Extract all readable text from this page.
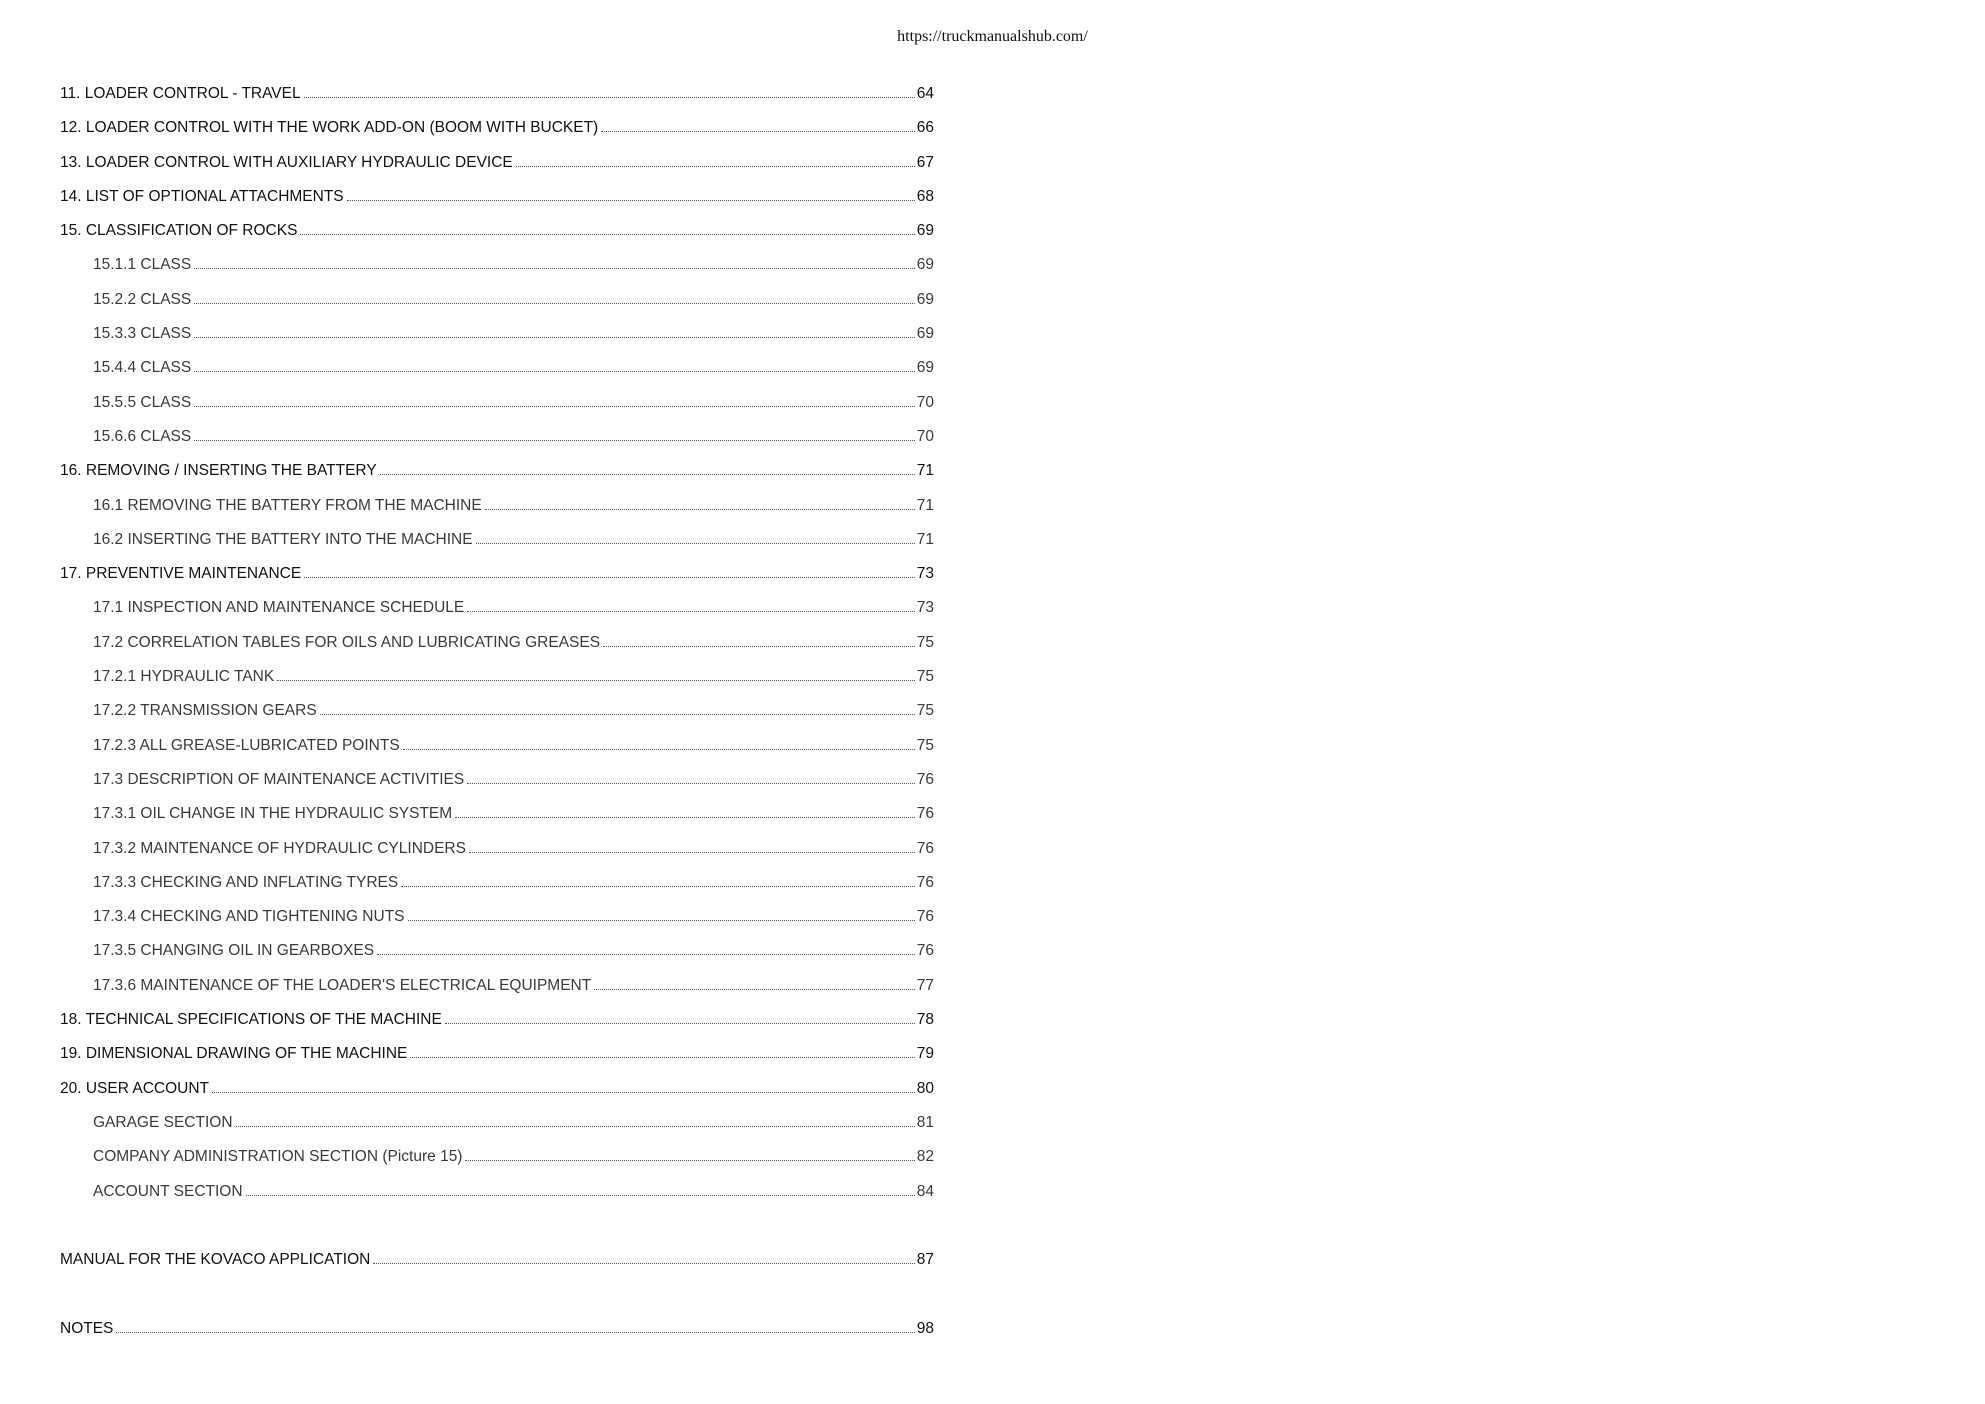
https://truckmanualshub.com/
11. LOADER CONTROL - TRAVEL	64
12. LOADER CONTROL WITH THE WORK ADD-ON (BOOM WITH BUCKET)	66
13. LOADER CONTROL WITH AUXILIARY HYDRAULIC DEVICE	67
14. LIST OF OPTIONAL ATTACHMENTS	68
15. CLASSIFICATION OF ROCKS	69
15.1.1 CLASS	69
15.2.2 CLASS	69
15.3.3 CLASS	69
15.4.4 CLASS	69
15.5.5 CLASS	70
15.6.6 CLASS	70
16. REMOVING / INSERTING THE BATTERY	71
16.1 REMOVING THE BATTERY FROM THE MACHINE	71
16.2 INSERTING THE BATTERY INTO THE MACHINE	71
17. PREVENTIVE MAINTENANCE	73
17.1 INSPECTION AND MAINTENANCE SCHEDULE	73
17.2 CORRELATION TABLES FOR OILS AND LUBRICATING GREASES	75
17.2.1 HYDRAULIC TANK	75
17.2.2 TRANSMISSION GEARS	75
17.2.3 ALL GREASE-LUBRICATED POINTS	75
17.3 DESCRIPTION OF MAINTENANCE ACTIVITIES	76
17.3.1 OIL CHANGE IN THE HYDRAULIC SYSTEM	76
17.3.2 MAINTENANCE OF HYDRAULIC CYLINDERS	76
17.3.3 CHECKING AND INFLATING TYRES	76
17.3.4 CHECKING AND TIGHTENING NUTS	76
17.3.5 CHANGING OIL IN GEARBOXES	76
17.3.6 MAINTENANCE OF THE LOADER'S ELECTRICAL EQUIPMENT	77
18. TECHNICAL SPECIFICATIONS OF THE MACHINE	78
19. DIMENSIONAL DRAWING OF THE MACHINE	79
20. USER ACCOUNT	80
GARAGE SECTION	81
COMPANY ADMINISTRATION SECTION (Picture 15)	82
ACCOUNT SECTION	84
MANUAL FOR THE KOVACO APPLICATION	87
NOTES	98
